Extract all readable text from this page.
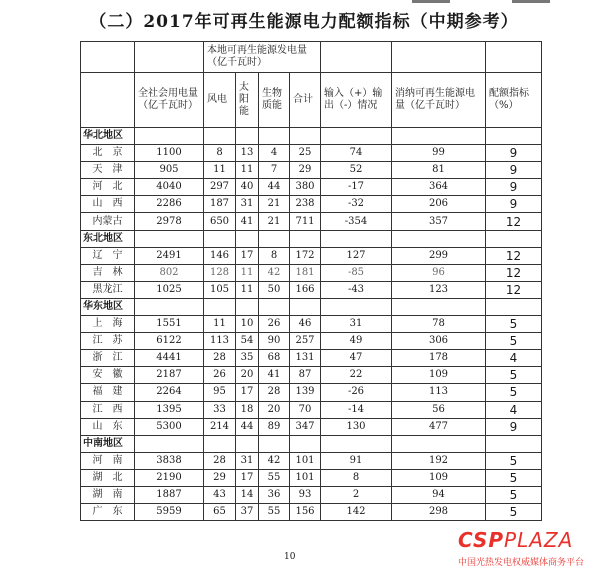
（二）2017年可再生能源电力配额指标（中期参考）
		本地可再生能源发电量（亿千瓦时）						
	全社会用电量（亿千瓦时）	风电	太阳能	生物质能	合计	输入（+）输出（-）情况	消纳可再生能源电量（亿千瓦时）	配额指标（%）
华北地区								
北　京	1100	8	13	4	25	74	99	9
天　津	905	11	11	7	29	52	81	9
河　北	4040	297	40	44	380	-17	364	9
山　西	2286	187	31	21	238	-32	206	9
内蒙古	2978	650	41	21	711	-354	357	12
东北地区								
辽　宁	2491	146	17	8	172	127	299	12
吉　林	802	128	11	42	181	-85	96	12
黑龙江	1025	105	11	50	166	-43	123	12
华东地区								
上　海	1551	11	10	26	46	31	78	5
江　苏	6122	113	54	90	257	49	306	5
浙　江	4441	28	35	68	131	47	178	4
安　徽	2187	26	20	41	87	22	109	5
福　建	2264	95	17	28	139	-26	113	5
江　西	1395	33	18	20	70	-14	56	4
山　东	5300	214	44	89	347	130	477	9
中南地区								
河　南	3838	28	31	42	101	91	192	5
湖　北	2190	29	17	55	101	8	109	5
湖　南	1887	43	14	36	93	2	94	5
广　东	5959	65	37	55	156	142	298	5
10
CSPPLAZA
中国光热发电权威媒体商务平台
